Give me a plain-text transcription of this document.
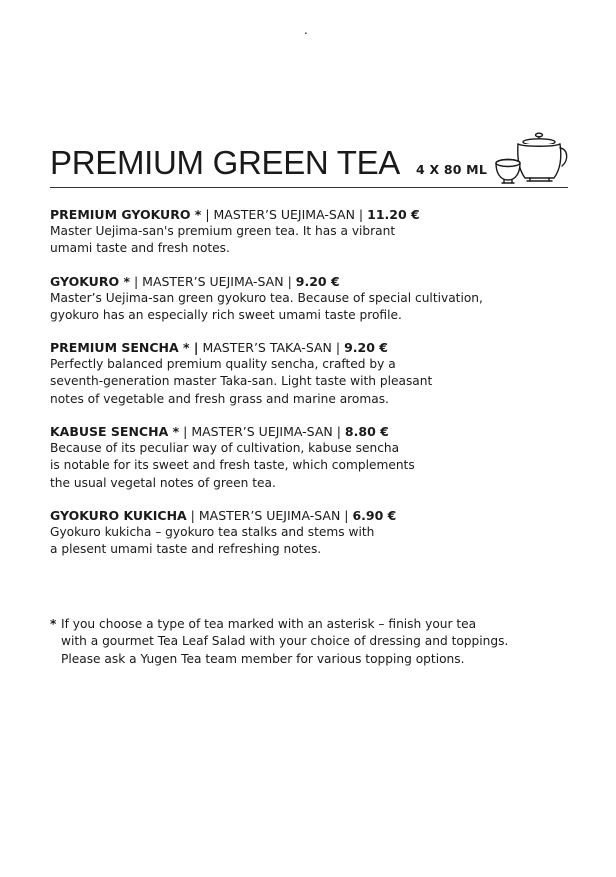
.
PREMIUM GREEN TEA 4 X 80 ML
PREMIUM GYOKURO * | MASTER’S UEJIMA-SAN | 11.20 €
Master Uejima-san's premium green tea. It has a vibrant
umami taste and fresh notes.
GYOKURO * | MASTER’S UEJIMA-SAN | 9.20 €
Master’s Uejima-san green gyokuro tea. Because of special cultivation,
gyokuro has an especially rich sweet umami taste profile.
PREMIUM SENCHA * | MASTER’S TAKA-SAN | 9.20 €
Perfectly balanced premium quality sencha, crafted by a
seventh-generation master Taka-san. Light taste with pleasant
notes of vegetable and fresh grass and marine aromas.
KABUSE SENCHA * | MASTER’S UEJIMA-SAN | 8.80 €
Because of its peculiar way of cultivation, kabuse sencha
is notable for its sweet and fresh taste, which complements
the usual vegetal notes of green tea.
GYOKURO KUKICHA | MASTER’S UEJIMA-SAN | 6.90 €
Gyokuro kukicha – gyokuro tea stalks and stems with
a plesent umami taste and refreshing notes.
* If you choose a type of tea marked with an asterisk – finish your tea
with a gourmet Tea Leaf Salad with your choice of dressing and toppings.
Please ask a Yugen Tea team member for various topping options.
